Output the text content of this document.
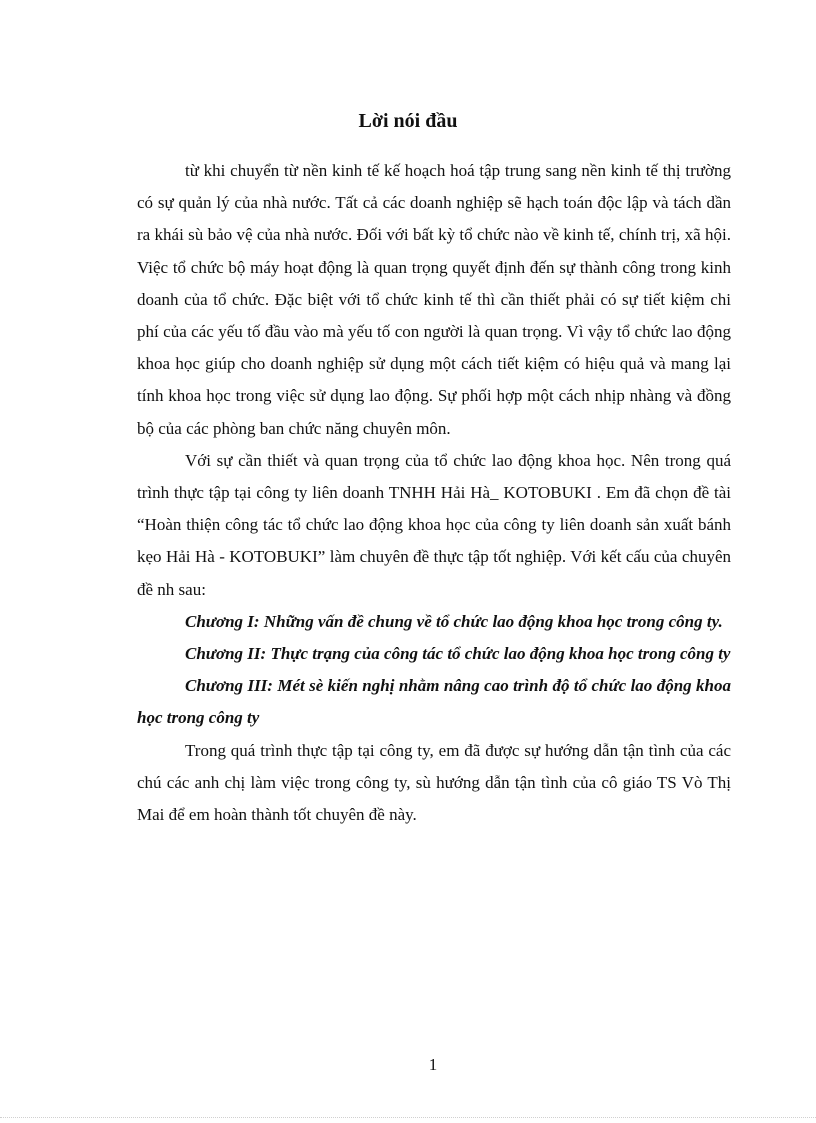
Lời nói đầu

từ khi chuyển từ nền kinh tế kế hoạch hoá tập trung sang nền kinh tế thị trường có sự quản lý của nhà nước. Tất cả các doanh nghiệp sẽ hạch toán độc lập và tách dần ra khái sù bảo vệ của nhà nước. Đối với bất kỳ tổ chức nào về kinh tế, chính trị, xã hội. Việc tổ chức bộ máy hoạt động là quan trọng quyết định đến sự thành công trong kinh doanh của tổ chức. Đặc biệt với tổ chức kinh tế thì cần thiết phải có sự tiết kiệm chi phí của các yếu tố đầu vào mà yếu tố con người là quan trọng. Vì vậy tổ chức lao động khoa học giúp cho doanh nghiệp sử dụng một cách tiết kiệm có hiệu quả và mang lại tính khoa học trong việc sử dụng lao động. Sự phối hợp một cách nhịp nhàng và đồng bộ của các phòng ban chức năng chuyên môn.

Với sự cần thiết và quan trọng của tổ chức lao động khoa học. Nên trong quá trình thực tập tại công ty liên doanh TNHH Hải Hà_ KOTOBUKI . Em đã chọn đề tài “Hoàn thiện công tác tổ chức lao động khoa học của công ty liên doanh sản xuất bánh kẹo Hải Hà - KOTOBUKI” làm chuyên đề thực tập tốt nghiệp. Với kết cấu của chuyên đề nh sau:

Chương I: Những vấn đề chung về tổ chức lao động khoa học trong công ty.

Chương II: Thực trạng của công tác tổ chức lao động khoa học trong công ty

Chương III: Mét sè kiến nghị nhằm nâng cao trình độ tổ chức lao động khoa học trong công ty

Trong quá trình thực tập tại công ty, em đã được sự hướng dẫn tận tình của các chú các anh chị làm việc trong công ty, sù hướng dẫn tận tình của cô giáo TS Vò Thị Mai để em hoàn thành tốt chuyên đề này.

1
